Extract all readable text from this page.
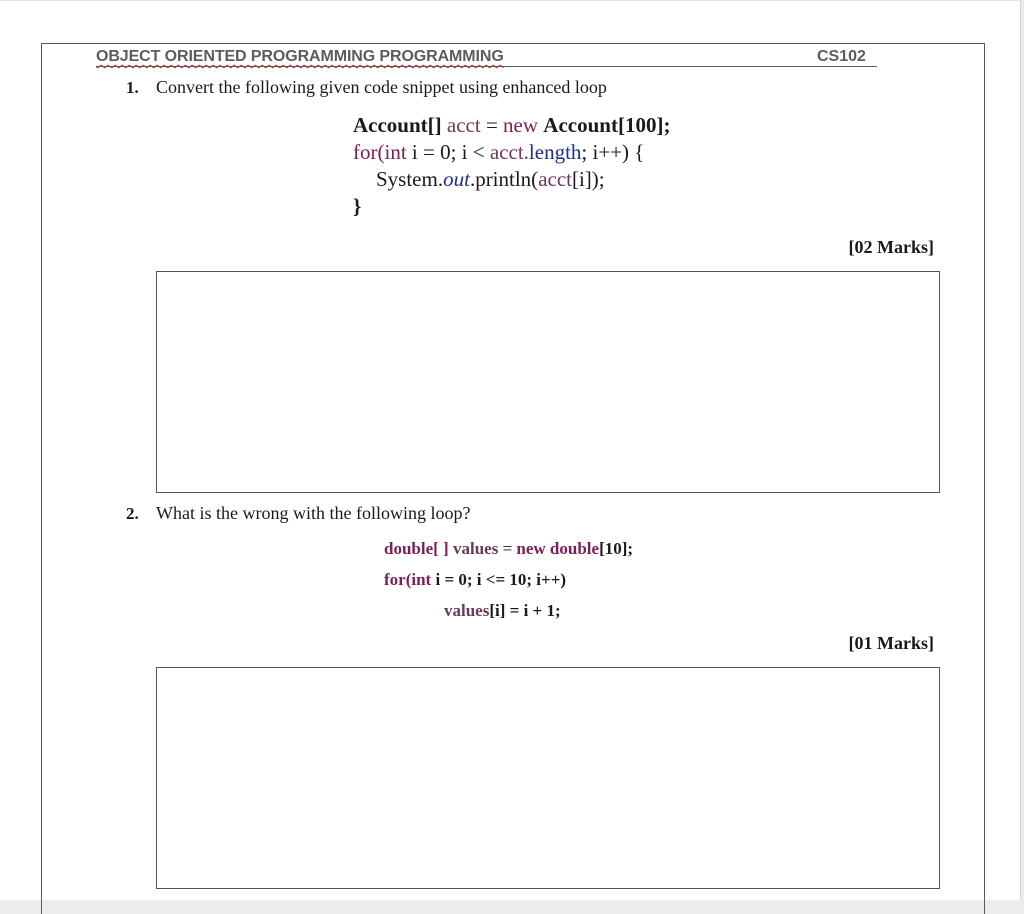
OBJECT ORIENTED PROGRAMMING PROGRAMMING	CS102
1. Convert the following given code snippet using enhanced loop
Account[] acct = new Account[100];
for(int i = 0; i < acct.length; i++) {
System.out.println(acct[i]);
}
[02 Marks]
2. What is the wrong with the following loop?
double[ ] values = new double[10];
for(int i = 0; i <= 10; i++)
values[i] = i + 1;
[01 Marks]
